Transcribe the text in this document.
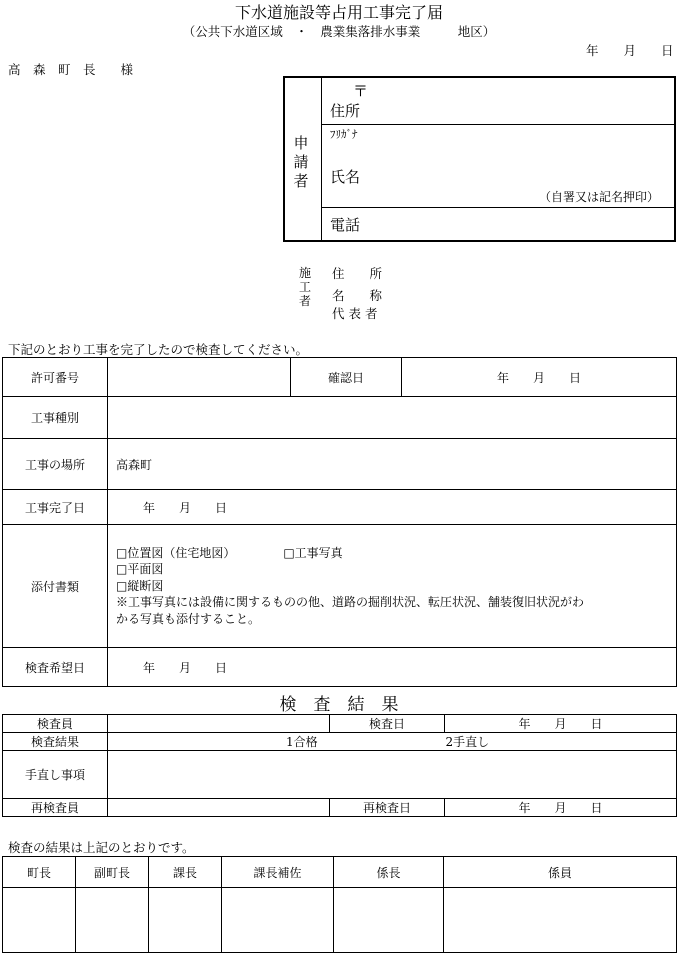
下水道施設等占用工事完了届
（公共下水道区域　・　農業集落排水事業　　　地区）
年　　月　　日
高　森　町　長　　様
申請者
〒
住所
ﾌﾘｶﾞﾅ
氏名
（自署又は記名押印）
電話
施工者
住　　所
名　　称
代 表 者
下記のとおり工事を完了したので検査してください。
許可番号		確認日	年　　月　　日
工事種別			
工事の場所	高森町		
工事完了日	年　　月　　日		
添付書類	□位置図（住宅地図） □工事写真
□平面図
□縦断図
※工事写真には設備に関するものの他、道路の掘削状況、転圧状況、舗装復旧状況がわ
かる写真も添付すること。		

検査希望日	年　　月　　日		
検　査　結　果
検査員		検査日	年　　月　　日
検査結果	1合格 2手直し		
手直し事項			
再検査員		再検査日	年　　月　　日
検査の結果は上記のとおりです。
町長	副町長	課長	課長補佐	係長	係員
